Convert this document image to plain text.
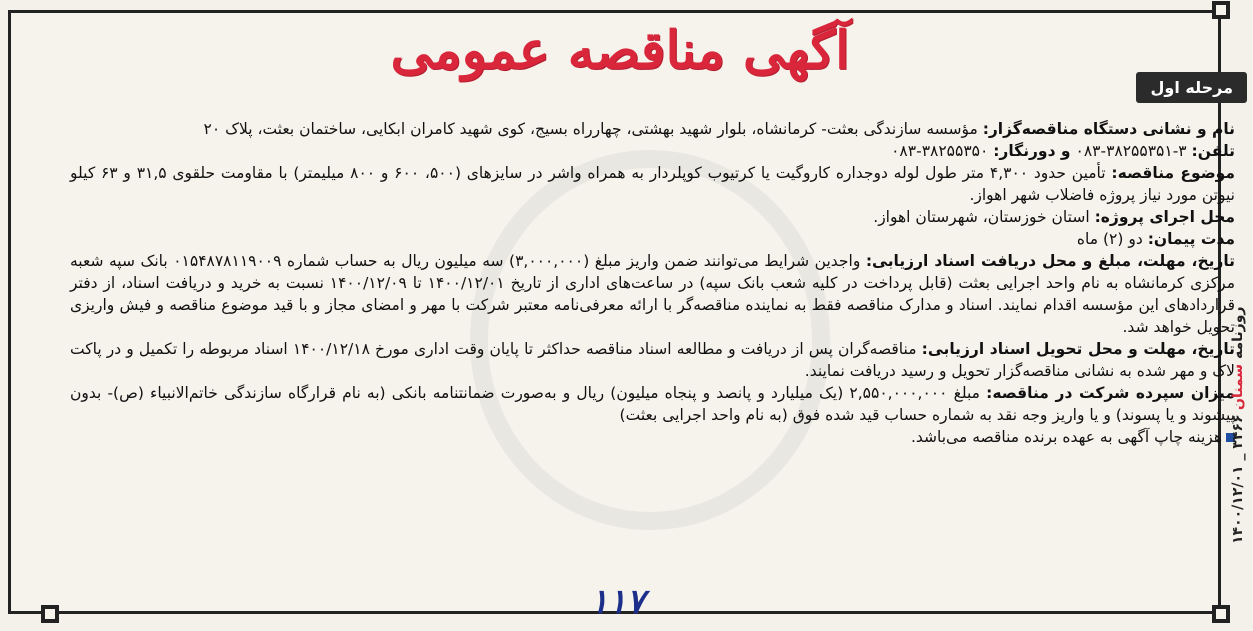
آگهی مناقصه عمومی
مرحله اول

نام و نشانی دستگاه مناقصه‌گزار: مؤسسه سازندگی بعثت- کرمانشاه، بلوار شهید بهشتی، چهارراه بسیج، کوی شهید کامران ابکایی، ساختمان بعثت، پلاک ۲۰

تلفن: ۳-۳۸۲۵۵۳۵۱-۰۸۳ و دورنگار: ۳۸۲۵۵۳۵۰-۰۸۳

موضوع مناقصه: تأمین حدود ۴,۳۰۰ متر طول لوله دوجداره کاروگیت یا کرتیوب کوپلردار به همراه واشر در سایزهای (۵۰۰، ۶۰۰ و ۸۰۰ میلیمتر) با مقاومت حلقوی ۳۱,۵ و ۶۳ کیلو نیوتن مورد نیاز پروژه فاضلاب شهر اهواز.

محل اجرای پروژه: استان خوزستان، شهرستان اهواز.

مدت پیمان: دو (۲) ماه

تاریخ، مهلت، مبلغ و محل دریافت اسناد ارزیابی: واجدین شرایط می‌توانند ضمن واریز مبلغ (۳,۰۰۰,۰۰۰) سه میلیون ریال به حساب شماره ۰۱۵۴۸۷۸۱۱۹۰۰۹ بانک سپه شعبه مرکزی کرمانشاه به نام واحد اجرایی بعثت (قابل پرداخت در کلیه شعب بانک سپه) در ساعت‌های اداری از تاریخ ۱۴۰۰/۱۲/۰۱ تا ۱۴۰۰/۱۲/۰۹ نسبت به خرید و دریافت اسناد، از دفتر قراردادهای این مؤسسه اقدام نمایند. اسناد و مدارک مناقصه فقط به نماینده مناقصه‌گر با ارائه معرفی‌نامه معتبر شرکت با مهر و امضای مجاز و با قید موضوع مناقصه و فیش واریزی تحویل خواهد شد.

تاریخ، مهلت و محل تحویل اسناد ارزیابی: مناقصه‌گران پس از دریافت و مطالعه اسناد مناقصه حداکثر تا پایان وقت اداری مورخ ۱۴۰۰/۱۲/۱۸ اسناد مربوطه را تکمیل و در پاکت لاک و مهر شده به نشانی مناقصه‌گزار تحویل و رسید دریافت نمایند.

میزان سپرده شرکت در مناقصه: مبلغ ۲,۵۵۰,۰۰۰,۰۰۰ (یک میلیارد و پانصد و پنجاه میلیون) ریال و به‌صورت ضمانتنامه بانکی (به نام قرارگاه سازندگی خاتم‌الانبیاء (ص)- بدون پیشوند و یا پسوند) و یا واریز وجه نقد به شماره حساب قید شده فوق (به نام واحد اجرایی بعثت)

هزینه چاپ آگهی به عهده برنده مناقصه می‌باشد.

روزنامه

سمنان

۳۴۶۶ _ ۱۴۰۰/۱۲/۰۱
۱۱۷
